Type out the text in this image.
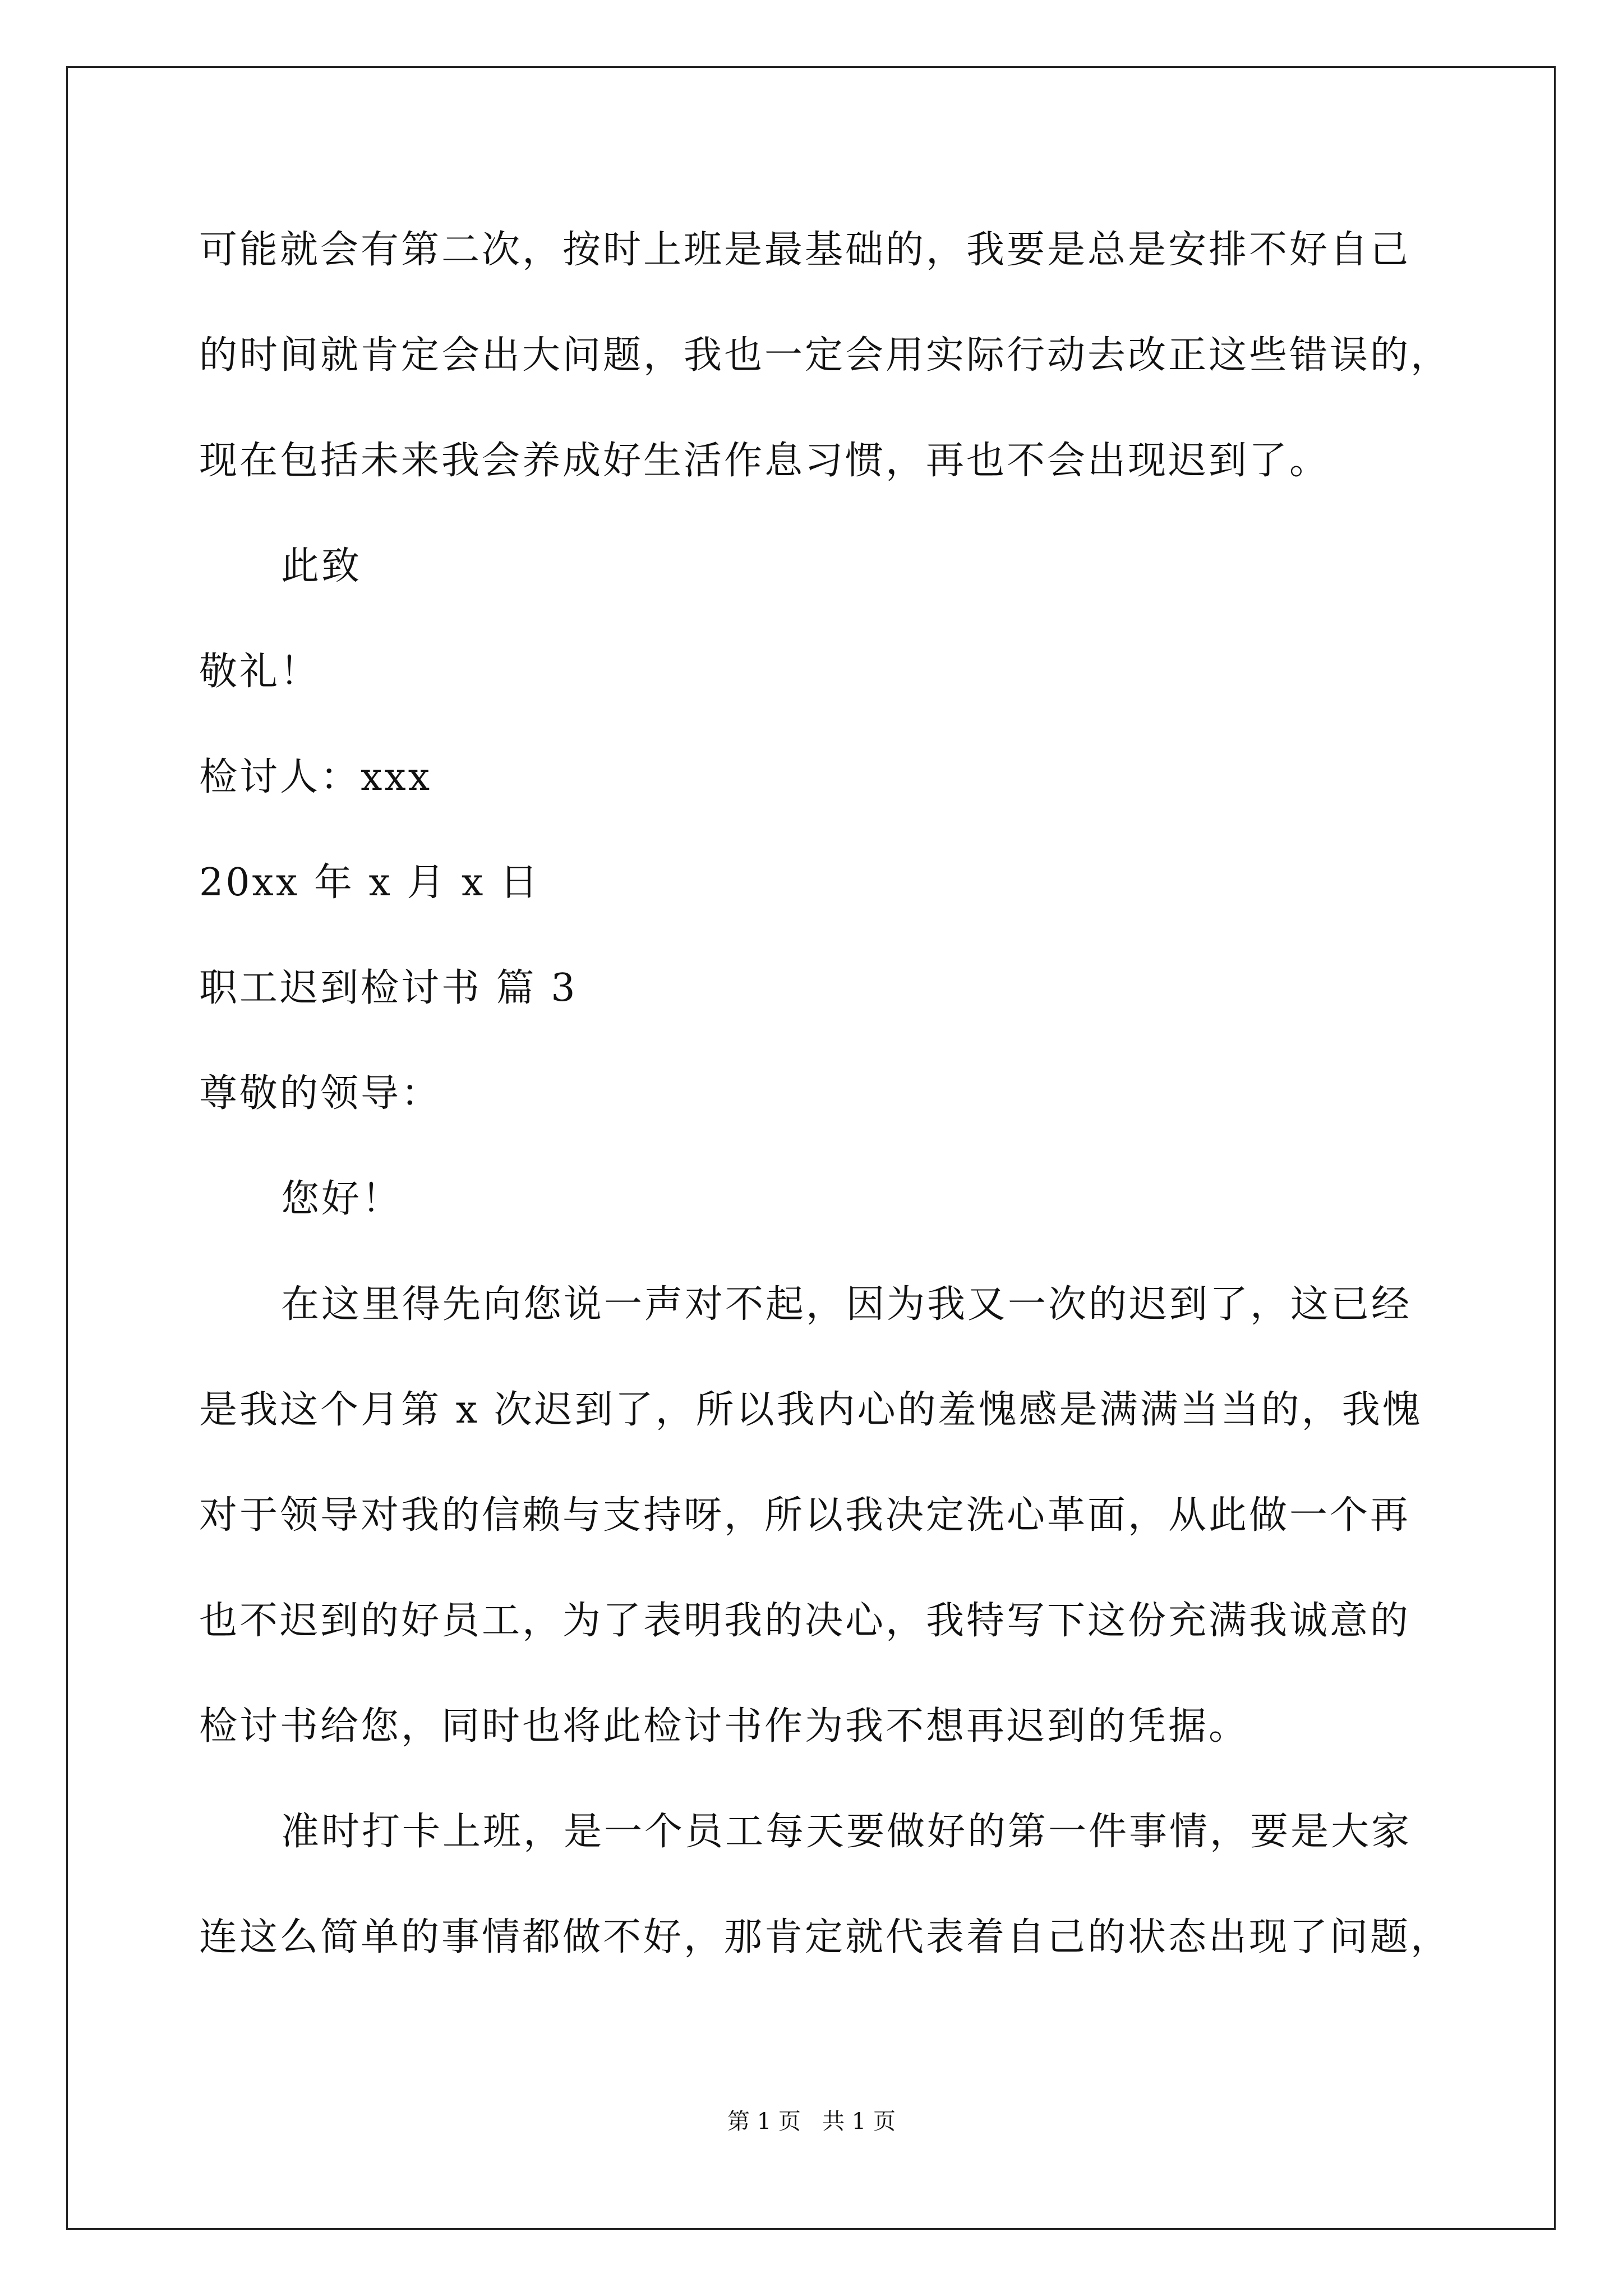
可能就会有第二次，按时上班是最基础的，我要是总是安排不好自己
的时间就肯定会出大问题，我也一定会用实际行动去改正这些错误的，
现在包括未来我会养成好生活作息习惯，再也不会出现迟到了。
此致
敬礼！
检讨人：xxx
20xx 年 x 月 x 日
职工迟到检讨书 篇 3
尊敬的领导：
您好！
在这里得先向您说一声对不起，因为我又一次的迟到了，这已经
是我这个月第 x 次迟到了，所以我内心的羞愧感是满满当当的，我愧
对于领导对我的信赖与支持呀，所以我决定洗心革面，从此做一个再
也不迟到的好员工，为了表明我的决心，我特写下这份充满我诚意的
检讨书给您，同时也将此检讨书作为我不想再迟到的凭据。
准时打卡上班，是一个员工每天要做好的第一件事情，要是大家
连这么简单的事情都做不好，那肯定就代表着自己的状态出现了问题，
第 1 页   共 1 页
